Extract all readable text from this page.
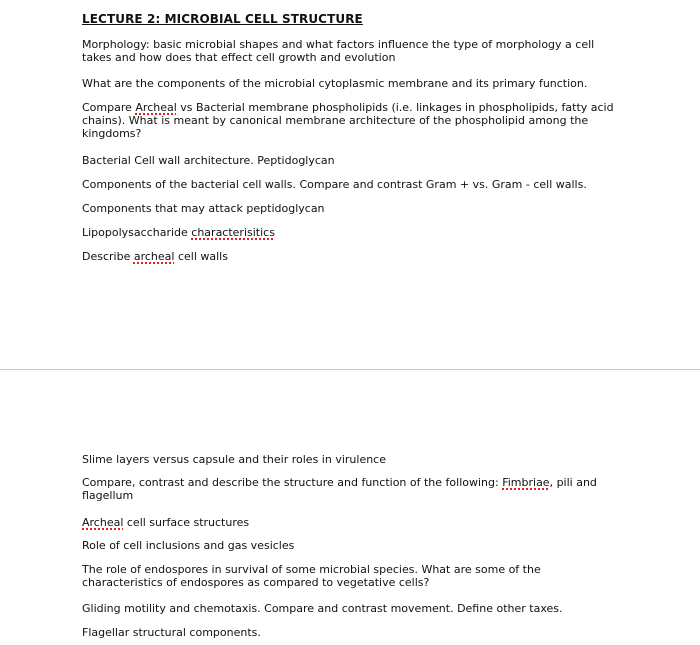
LECTURE 2: MICROBIAL CELL STRUCTURE

Morphology: basic microbial shapes and what factors influence the type of morphology a cell takes and how does that effect cell growth and evolution

What are the components of the microbial cytoplasmic membrane and its primary function.

Compare Archeal vs Bacterial membrane phospholipids (i.e. linkages in phospholipids, fatty acid chains). What is meant by canonical membrane architecture of the phospholipid among the kingdoms?

Bacterial Cell wall architecture. Peptidoglycan

Components of the bacterial cell walls. Compare and contrast Gram + vs. Gram - cell walls.

Components that may attack peptidoglycan

Lipopolysaccharide characterisitics

Describe archeal cell walls

Slime layers versus capsule and their roles in virulence

Compare, contrast and describe the structure and function of the following: Fimbriae, pili and flagellum

Archeal cell surface structures

Role of cell inclusions and gas vesicles

The role of endospores in survival of some microbial species. What are some of the characteristics of endospores as compared to vegetative cells?

Gliding motility and chemotaxis. Compare and contrast movement. Define other taxes.

Flagellar structural components.
